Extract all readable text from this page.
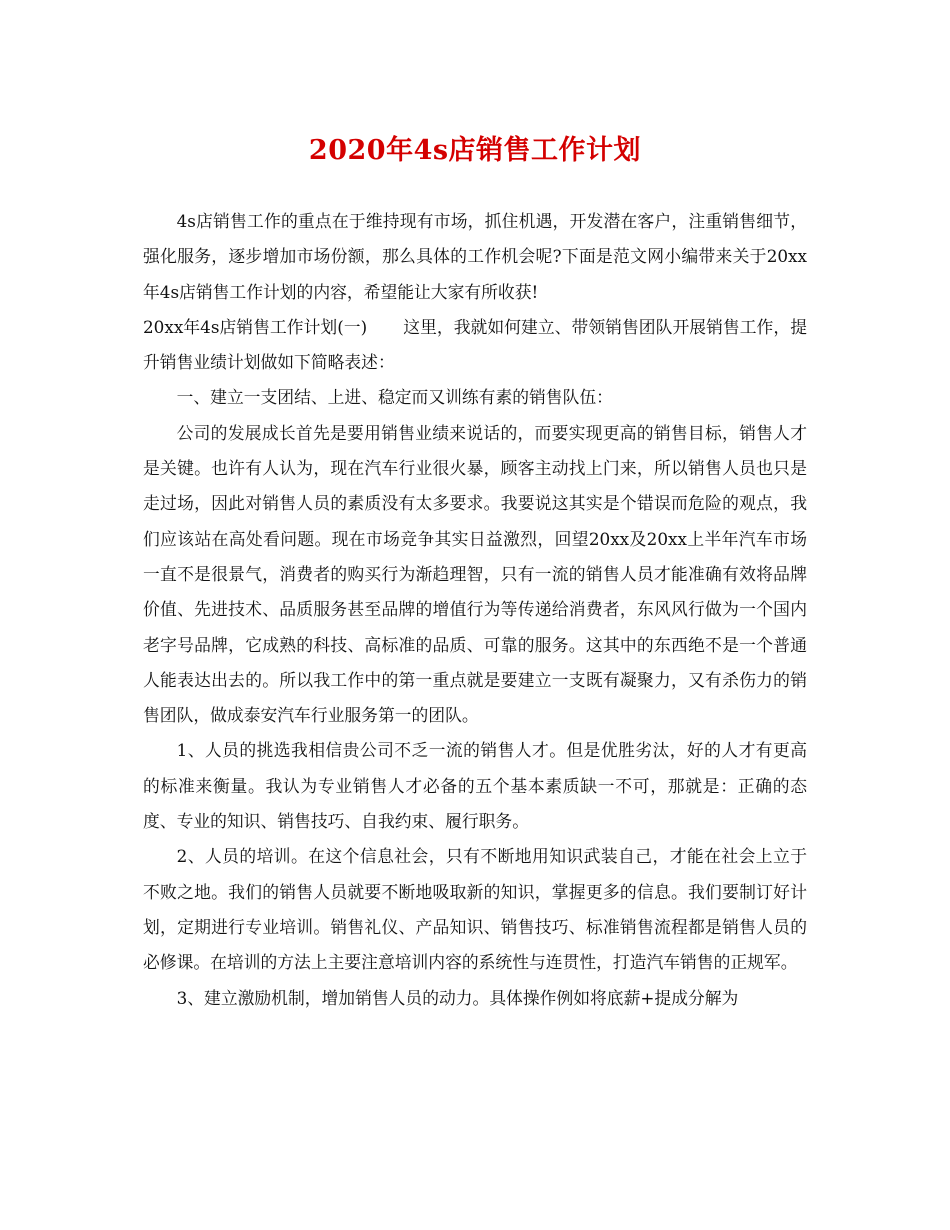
2020年4s店销售工作计划

4s店销售工作的重点在于维持现有市场，抓住机遇，开发潜在客户，注重销售细节，强化服务，逐步增加市场份额，那么具体的工作机会呢?下面是范文网小编带来关于20xx年4s店销售工作计划的内容，希望能让大家有所收获!

20xx年4s店销售工作计划(一) 这里，我就如何建立、带领销售团队开展销售工作，提升销售业绩计划做如下简略表述：

一、建立一支团结、上进、稳定而又训练有素的销售队伍：

公司的发展成长首先是要用销售业绩来说话的，而要实现更高的销售目标，销售人才是关键。也许有人认为，现在汽车行业很火暴，顾客主动找上门来，所以销售人员也只是走过场，因此对销售人员的素质没有太多要求。我要说这其实是个错误而危险的观点，我们应该站在高处看问题。现在市场竞争其实日益激烈，回望20xx及20xx上半年汽车市场一直不是很景气，消费者的购买行为渐趋理智，只有一流的销售人员才能准确有效将品牌价值、先进技术、品质服务甚至品牌的增值行为等传递给消费者，东风风行做为一个国内老字号品牌，它成熟的科技、高标准的品质、可靠的服务。这其中的东西绝不是一个普通人能表达出去的。所以我工作中的第一重点就是要建立一支既有凝聚力，又有杀伤力的销售团队，做成泰安汽车行业服务第一的团队。

1、人员的挑选我相信贵公司不乏一流的销售人才。但是优胜劣汰，好的人才有更高的标准来衡量。我认为专业销售人才必备的五个基本素质缺一不可，那就是：正确的态度、专业的知识、销售技巧、自我约束、履行职务。

2、人员的培训。在这个信息社会，只有不断地用知识武装自己，才能在社会上立于不败之地。我们的销售人员就要不断地吸取新的知识，掌握更多的信息。我们要制订好计划，定期进行专业培训。销售礼仪、产品知识、销售技巧、标准销售流程都是销售人员的必修课。在培训的方法上主要注意培训内容的系统性与连贯性，打造汽车销售的正规军。

3、建立激励机制，增加销售人员的动力。具体操作例如将底薪+提成分解为
